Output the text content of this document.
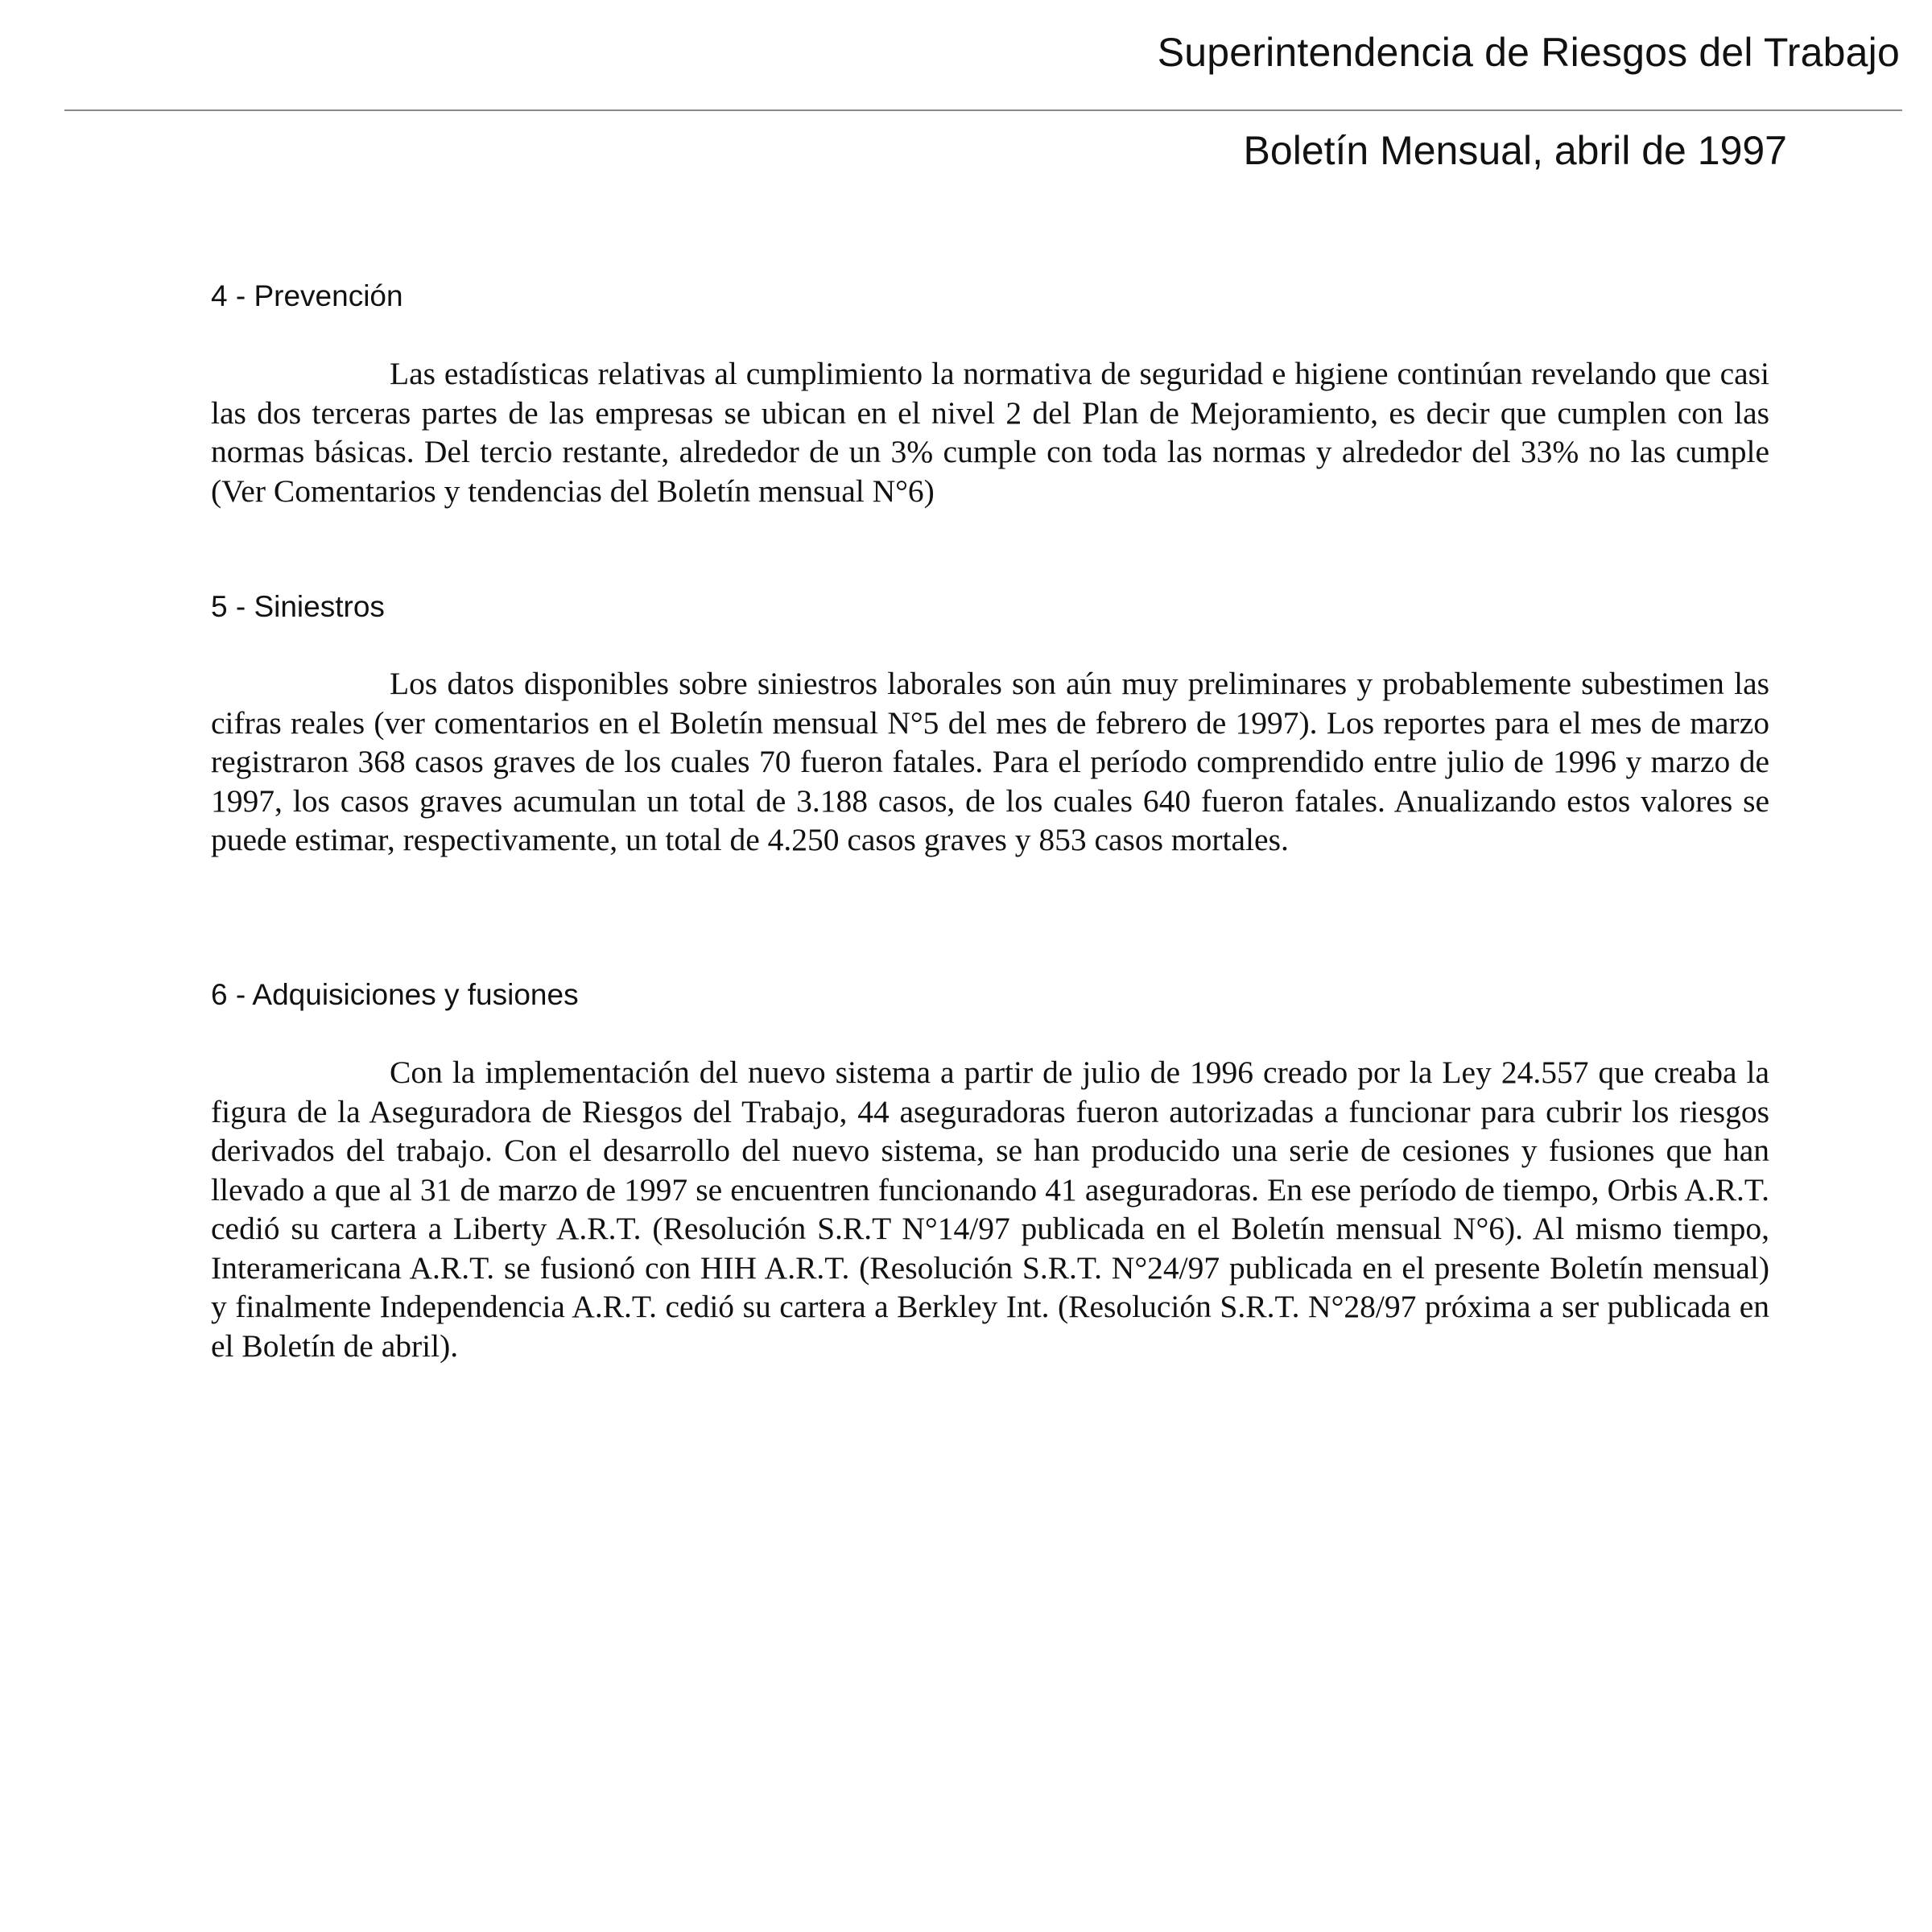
Superintendencia de Riesgos del Trabajo
Boletín Mensual, abril de 1997
4 - Prevención

Las estadísticas relativas al cumplimiento la normativa de seguridad e higiene continúan revelando que casi las dos terceras partes de las empresas se ubican en el nivel 2 del Plan de Mejoramiento, es decir que cumplen con las normas básicas. Del tercio restante, alrededor de un 3% cumple con toda las normas y alrededor del 33% no las cumple (Ver Comentarios y tendencias del Boletín mensual N°6)

5 - Siniestros

Los datos disponibles sobre siniestros laborales son aún muy preliminares y probablemente subestimen las cifras reales (ver comentarios en el Boletín mensual N°5 del mes de febrero de 1997). Los reportes para el mes de marzo registraron 368 casos graves de los cuales 70 fueron fatales. Para el período comprendido entre julio de 1996 y marzo de 1997, los casos graves acumulan un total de 3.188 casos, de los cuales 640 fueron fatales. Anualizando estos valores se puede estimar, respectivamente, un total de 4.250 casos graves y 853 casos mortales.

6 - Adquisiciones y fusiones

Con la implementación del nuevo sistema a partir de julio de 1996 creado por la Ley 24.557 que creaba la figura de la Aseguradora de Riesgos del Trabajo, 44 aseguradoras fueron autorizadas a funcionar para cubrir los riesgos derivados del trabajo. Con el desarrollo del nuevo sistema, se han producido una serie de cesiones y fusiones que han llevado a que al 31 de marzo de 1997 se encuentren funcionando 41 aseguradoras. En ese período de tiempo, Orbis A.R.T. cedió su cartera a Liberty A.R.T. (Resolución S.R.T N°14/97 publicada en el Boletín mensual N°6). Al mismo tiempo, Interamericana A.R.T. se fusionó con HIH A.R.T. (Resolución S.R.T. N°24/97 publicada en el presente Boletín mensual) y finalmente Independencia A.R.T. cedió su cartera a Berkley Int. (Resolución S.R.T. N°28/97 próxima a ser publicada en el Boletín de abril).
